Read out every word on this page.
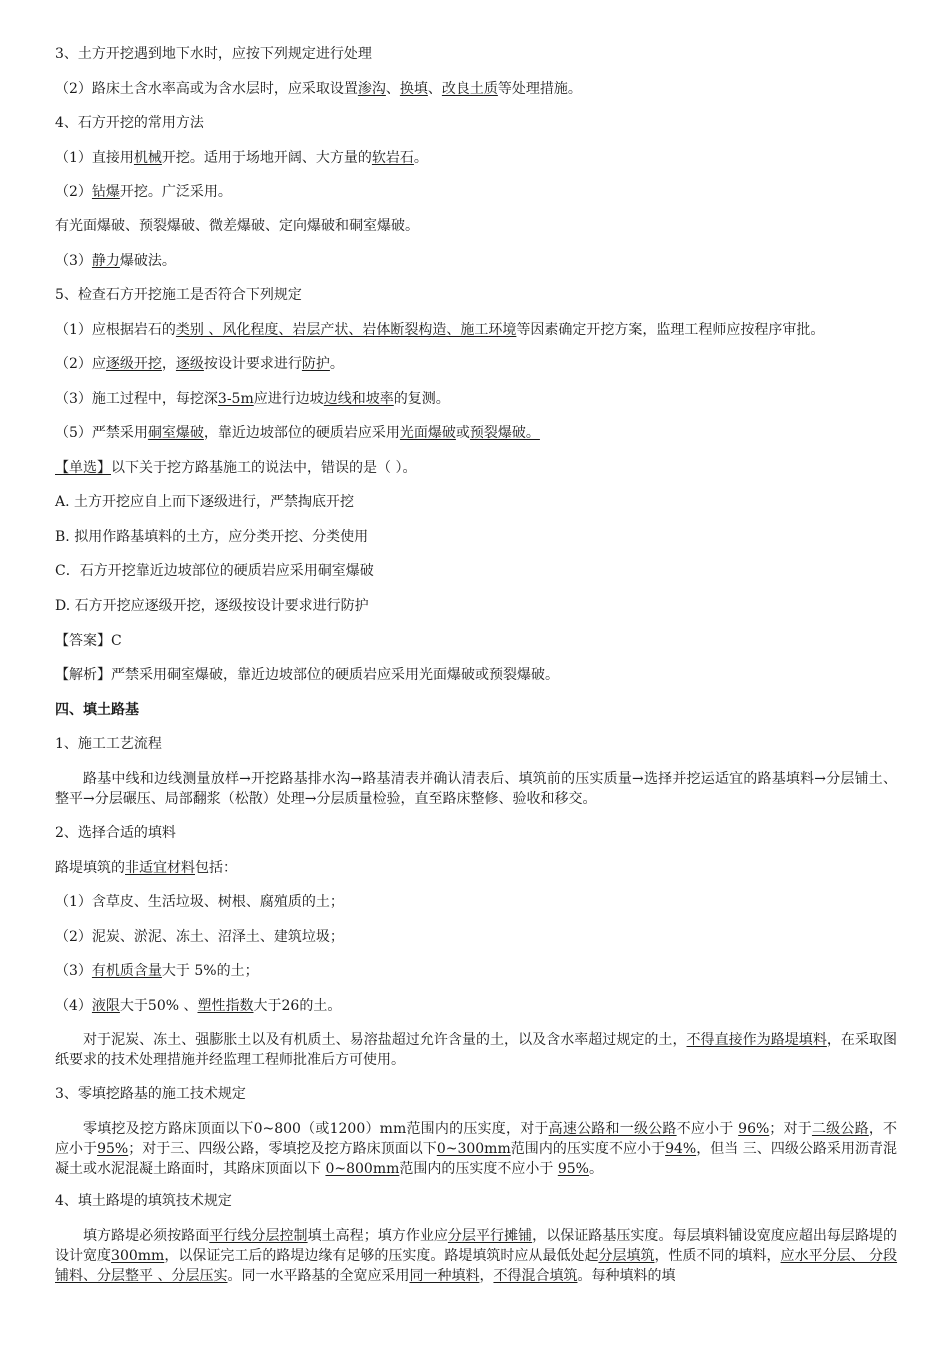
3、土方开挖遇到地下水时，应按下列规定进行处理
（2）路床土含水率高或为含水层时，应采取设置渗沟、换填、改良土质等处理措施。
4、石方开挖的常用方法
（1）直接用机械开挖。适用于场地开阔、大方量的软岩石。
（2）钻爆开挖。广泛采用。
有光面爆破、预裂爆破、微差爆破、定向爆破和硐室爆破。
（3）静力爆破法。
5、检查石方开挖施工是否符合下列规定
（1）应根据岩石的类别 、风化程度、岩层产状、岩体断裂构造、施工环境等因素确定开挖方案，监理工程师应按程序审批。
（2）应逐级开挖，逐级按设计要求进行防护。
（3）施工过程中，每挖深3-5m应进行边坡边线和坡率的复测。
（5）严禁采用硐室爆破，靠近边坡部位的硬质岩应采用光面爆破或预裂爆破。
【单选】以下关于挖方路基施工的说法中，错误的是（ ）。
A. 土方开挖应自上而下逐级进行，严禁掏底开挖
B. 拟用作路基填料的土方，应分类开挖、分类使用
C．石方开挖靠近边坡部位的硬质岩应采用硐室爆破
D. 石方开挖应逐级开挖，逐级按设计要求进行防护
【答案】C
【解析】严禁采用硐室爆破，靠近边坡部位的硬质岩应采用光面爆破或预裂爆破。
四、填土路基
1、施工工艺流程
路基中线和边线测量放样→开挖路基排水沟→路基清表并确认清表后、填筑前的压实质量→选择并挖运适宜的路基填料→分层铺土、整平→分层碾压、局部翻浆（松散）处理→分层质量检验，直至路床整修、验收和移交。
2、选择合适的填料
路堤填筑的非适宜材料包括：
（1）含草皮、生活垃圾、树根、腐殖质的土；
（2）泥炭、淤泥、冻土、沼泽土、建筑垃圾；
（3）有机质含量大于 5%的土；
（4）液限大于50% 、塑性指数大于26的土。
对于泥炭、冻土、强膨胀土以及有机质土、易溶盐超过允许含量的土，以及含水率超过规定的土，不得直接作为路堤填料，在采取图纸要求的技术处理措施并经监理工程师批准后方可使用。
3、零填挖路基的施工技术规定
零填挖及挖方路床顶面以下0~800（或1200）mm范围内的压实度，对于高速公路和一级公路不应小于 96%；对于二级公路，不应小于95%；对于三、四级公路，零填挖及挖方路床顶面以下0~300mm范围内的压实度不应小于94%，但当 三、四级公路采用沥青混凝土或水泥混凝土路面时，其路床顶面以下 0~800mm范围内的压实度不应小于 95%。
4、填土路堤的填筑技术规定
填方路堤必须按路面平行线分层控制填土高程；填方作业应分层平行摊铺，以保证路基压实度。每层填料铺设宽度应超出每层路堤的设计宽度300mm，以保证完工后的路堤边缘有足够的压实度。路堤填筑时应从最低处起分层填筑，性质不同的填料，应水平分层、 分段铺料、分层整平 、分层压实。同一水平路基的全宽应采用同一种填料，不得混合填筑。每种填料的填
